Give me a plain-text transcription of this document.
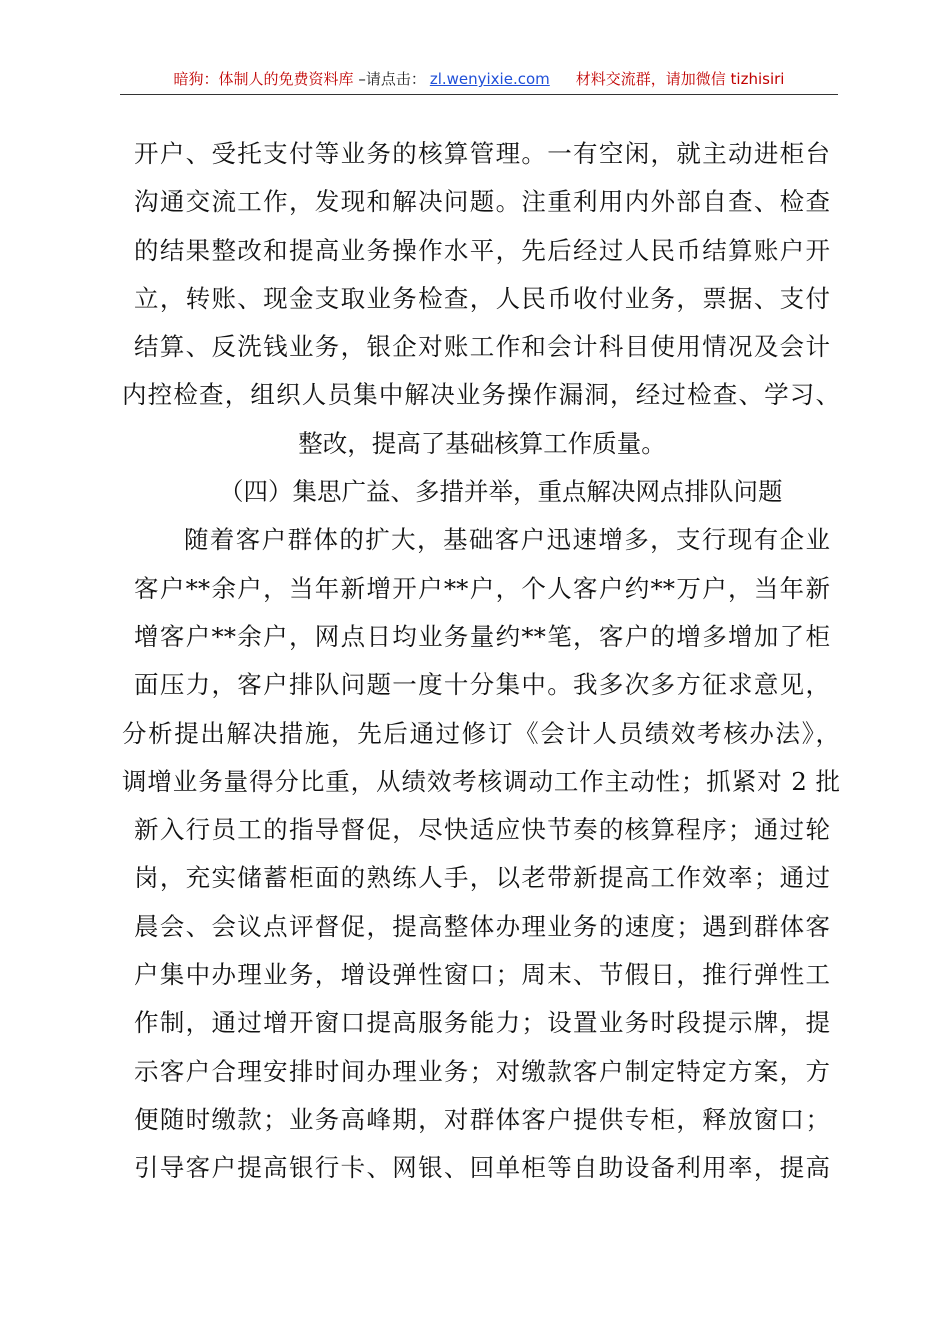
暗狗：体制人的免费资料库 –请点击： zl.wenyixie.com 材料交流群，请加微信 tizhisiri
开户、受托支付等业务的核算管理。一有空闲，就主动进柜台
沟通交流工作，发现和解决问题。注重利用内外部自查、检查
的结果整改和提高业务操作水平，先后经过人民币结算账户开
立，转账、现金支取业务检查，人民币收付业务，票据、支付
结算、反洗钱业务，银企对账工作和会计科目使用情况及会计
内控检查，组织人员集中解决业务操作漏洞，经过检查、学习、
整改，提高了基础核算工作质量。
（四）集思广益、多措并举，重点解决网点排队问题
随着客户群体的扩大，基础客户迅速增多，支行现有企业
客户**余户，当年新增开户**户，个人客户约**万户，当年新
增客户**余户，网点日均业务量约**笔，客户的增多增加了柜
面压力，客户排队问题一度十分集中。我多次多方征求意见，
分析提出解决措施，先后通过修订《会计人员绩效考核办法》，
调增业务量得分比重，从绩效考核调动工作主动性；抓紧对 2 批
新入行员工的指导督促，尽快适应快节奏的核算程序；通过轮
岗，充实储蓄柜面的熟练人手，以老带新提高工作效率；通过
晨会、会议点评督促，提高整体办理业务的速度；遇到群体客
户集中办理业务，增设弹性窗口；周末、节假日，推行弹性工
作制，通过增开窗口提高服务能力；设置业务时段提示牌，提
示客户合理安排时间办理业务；对缴款客户制定特定方案，方
便随时缴款；业务高峰期，对群体客户提供专柜，释放窗口；
引导客户提高银行卡、网银、回单柜等自助设备利用率，提高
